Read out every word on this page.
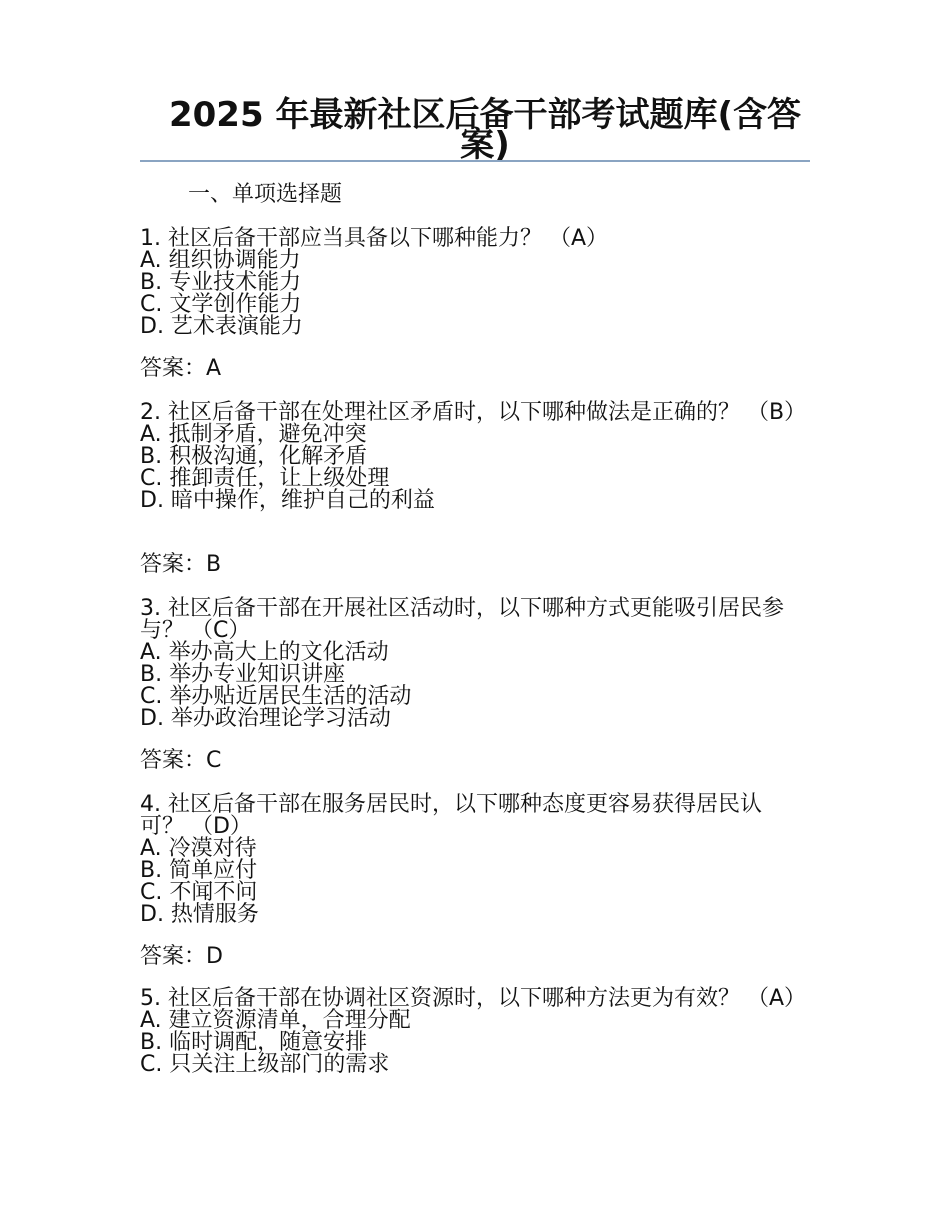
2025 年最新社区后备干部考试题库(含答案)
一、单项选择题

1. 社区后备干部应当具备以下哪种能力？ （A）

A. 组织协调能力

B. 专业技术能力

C. 文学创作能力

D. 艺术表演能力

答案：A

2. 社区后备干部在处理社区矛盾时，以下哪种做法是正确的？ （B）

A. 抵制矛盾，避免冲突

B. 积极沟通，化解矛盾

C. 推卸责任，让上级处理

D. 暗中操作，维护自己的利益

答案：B

3. 社区后备干部在开展社区活动时，以下哪种方式更能吸引居民参与？ （C）

A. 举办高大上的文化活动

B. 举办专业知识讲座

C. 举办贴近居民生活的活动

D. 举办政治理论学习活动

答案：C

4. 社区后备干部在服务居民时，以下哪种态度更容易获得居民认可？ （D）

A. 冷漠对待

B. 简单应付

C. 不闻不问

D. 热情服务

答案：D

5. 社区后备干部在协调社区资源时，以下哪种方法更为有效？ （A）

A. 建立资源清单，合理分配

B. 临时调配，随意安排

C. 只关注上级部门的需求
